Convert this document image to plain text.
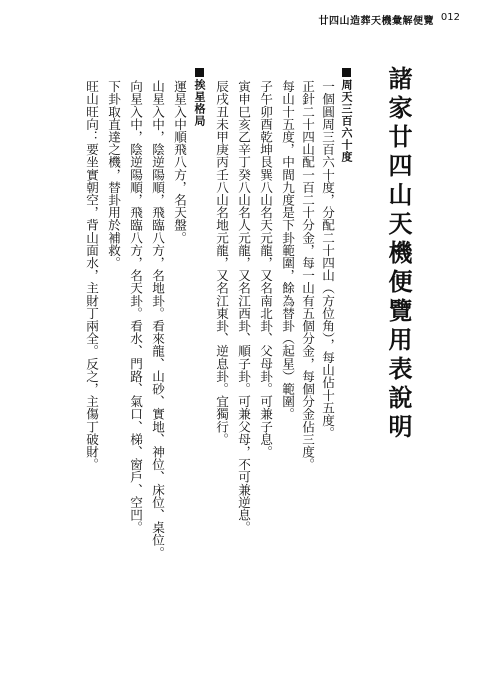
廿四山造葬天機彙解便覽 012
諸家廿四山天機便覽用表說明
周天三百六十度
一個圓周三百六十度，分配二十四山（方位角），每山佔十五度。
正針二十四山配一百二十分金，每一山有五個分金，每個分金佔三度。
每山十五度，中間九度是下卦範圍，餘為替卦（起星）範圍。
子午卯酉乾坤艮巽八山名天元龍，又名南北卦、父母卦。可兼子息。
寅申巳亥乙辛丁癸八山名人元龍，又名江西卦、順子卦。可兼父母，不可兼逆息。
辰戌丑未甲庚丙壬八山名地元龍，又名江東卦、逆息卦。宜獨行。
挨星格局
運星入中順飛八方，名天盤。
山星入中，陰逆陽順，飛臨八方，名地卦。看來龍、山砂、實地、神位、床位、桌位。
向星入中，陰逆陽順，飛臨八方，名天卦。看水、門路、氣口、梯、窗戶、空凹。
下卦取直達之機，替卦用於補救。
旺山旺向：要坐實朝空，背山面水，主財丁兩全。反之，主傷丁破財。
